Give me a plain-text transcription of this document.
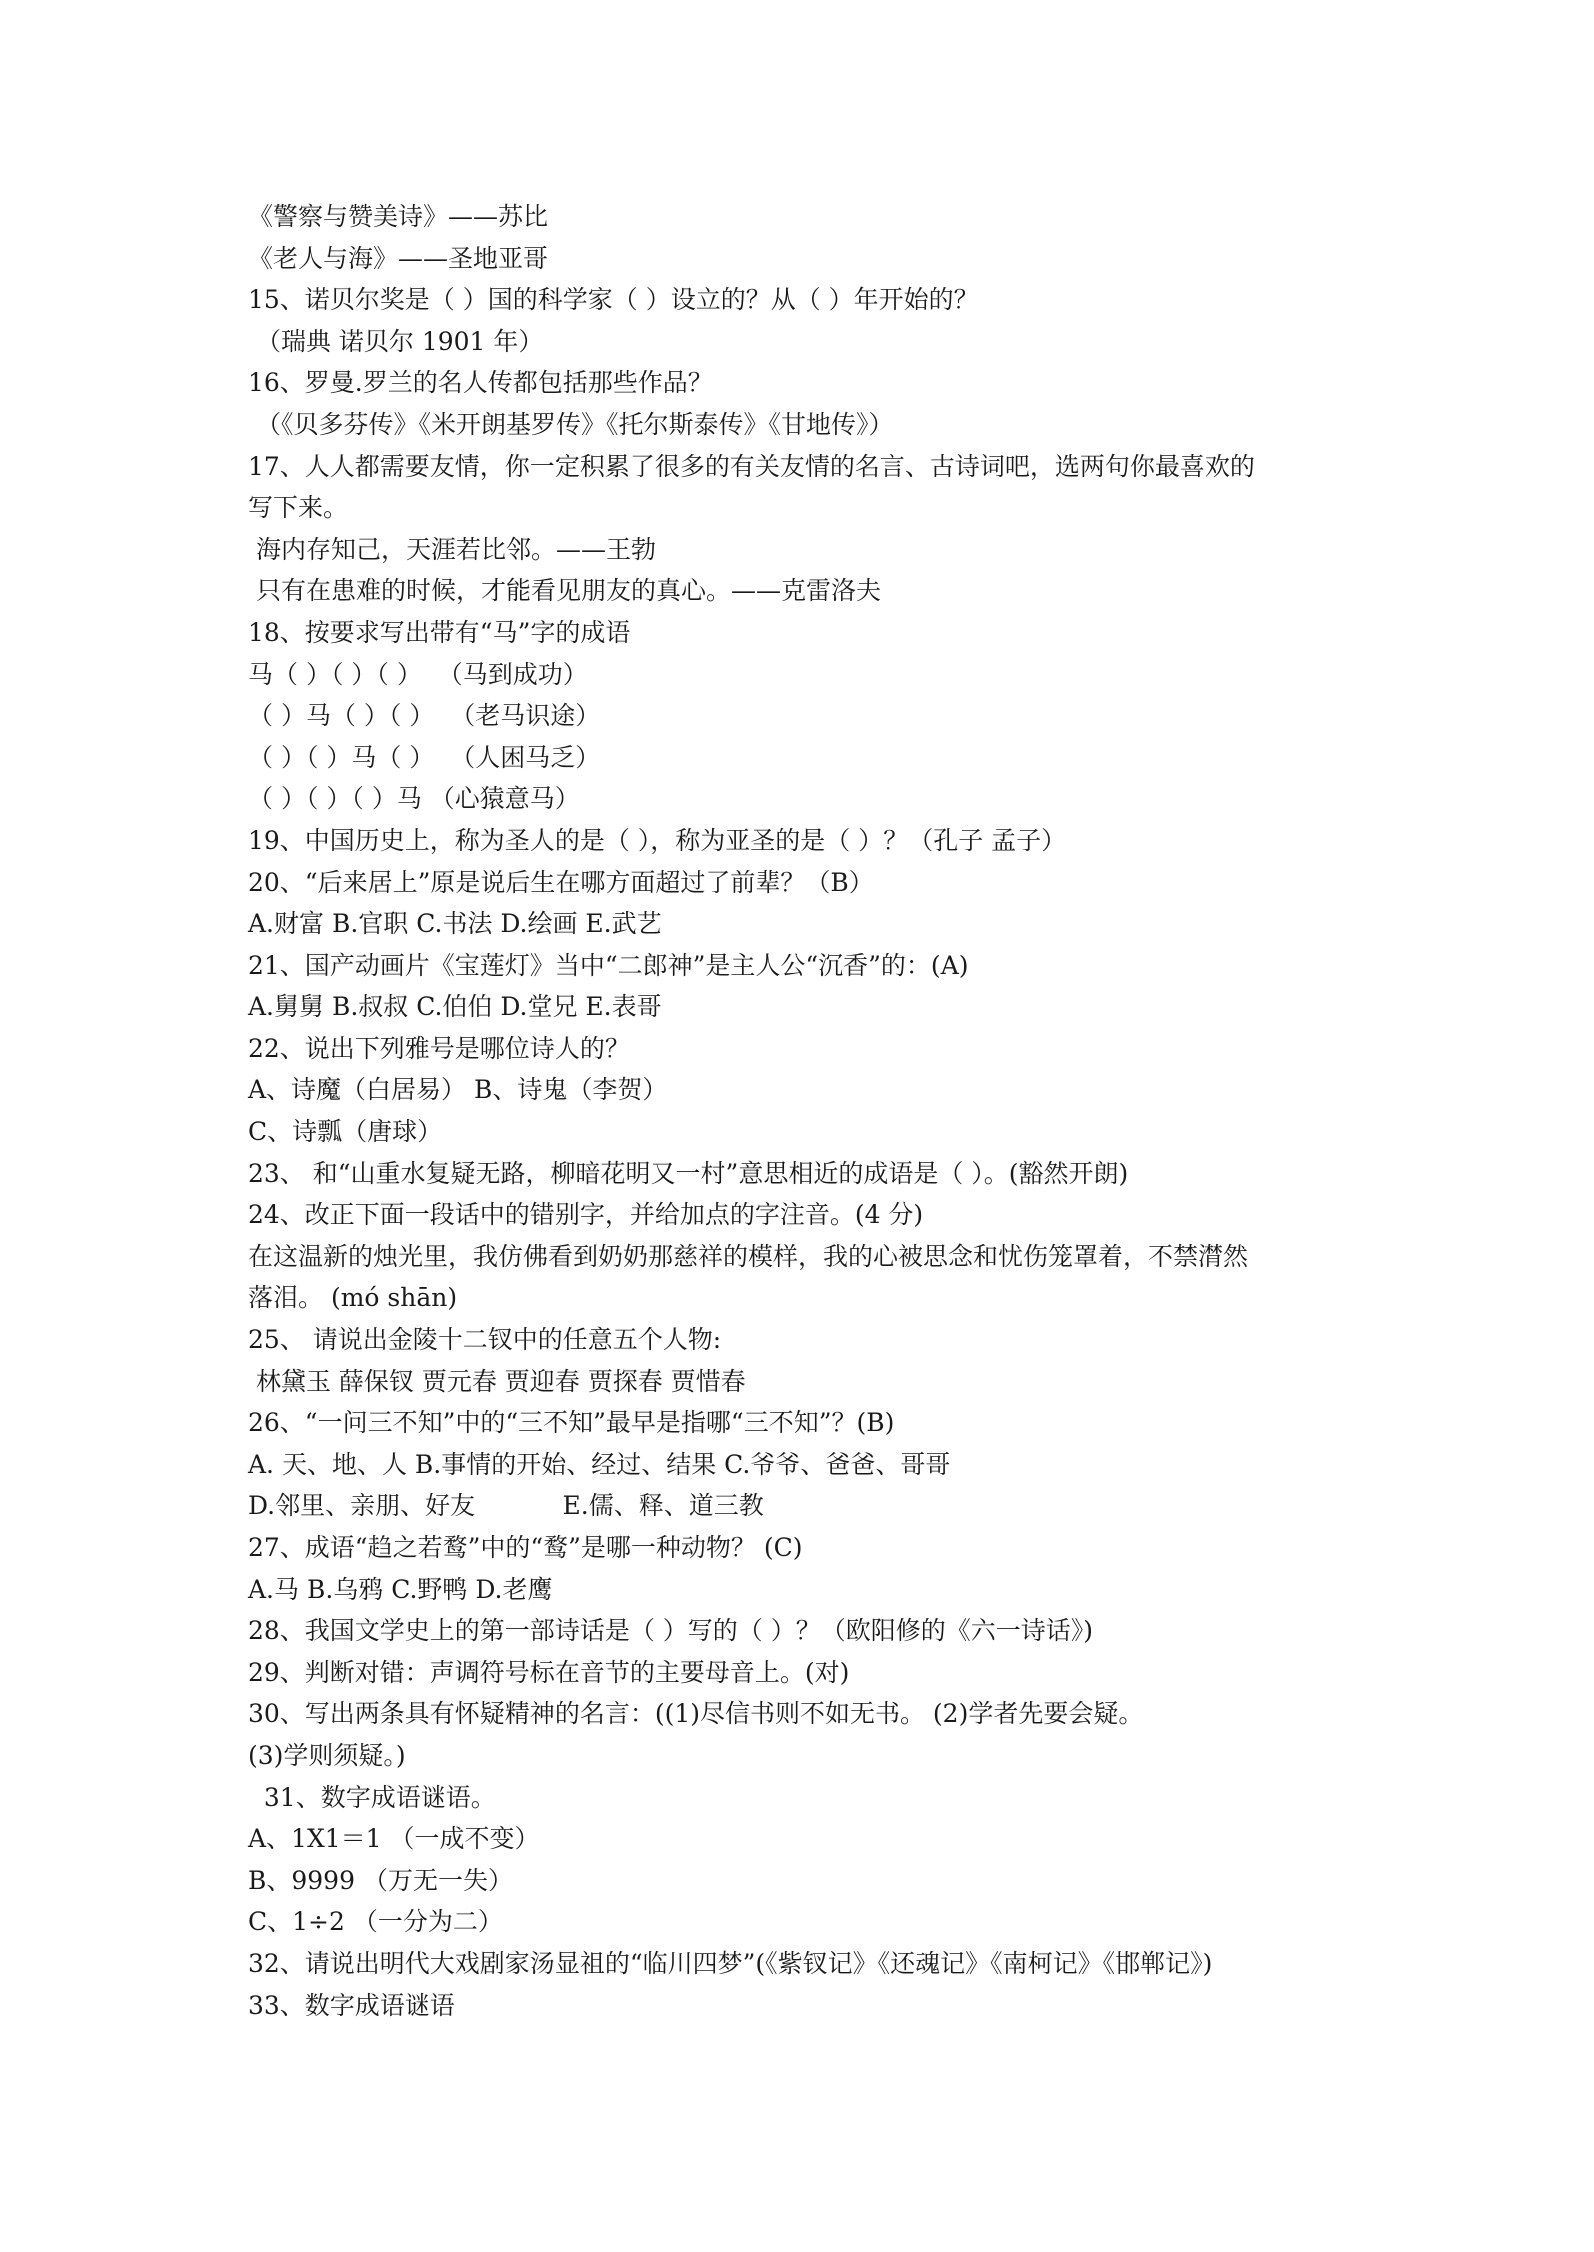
《警察与赞美诗》——苏比
《老人与海》——圣地亚哥
15、诺贝尔奖是（ ）国的科学家（ ）设立的？从（ ）年开始的？
（瑞典 诺贝尔 1901 年）
16、罗曼.罗兰的名人传都包括那些作品？
（《贝多芬传》《米开朗基罗传》《托尔斯泰传》《甘地传》）
17、人人都需要友情，你一定积累了很多的有关友情的名言、古诗词吧，选两句你最喜欢的
写下来。
海内存知己，天涯若比邻。——王勃
只有在患难的时候，才能看见朋友的真心。——克雷洛夫
18、按要求写出带有“马”字的成语
马（ ）（ ）（ ）  （马到成功）
（ ）马（ ）（ ）  （老马识途）
（ ）（ ）马（ ）  （人困马乏）
（ ）（ ）（ ）马 （心猿意马）
19、中国历史上，称为圣人的是（ ），称为亚圣的是（ ）？（孔子 孟子）
20、“后来居上”原是说后生在哪方面超过了前辈？（B）
A.财富 B.官职 C.书法 D.绘画 E.武艺
21、国产动画片《宝莲灯》当中“二郎神”是主人公“沉香”的：(A)
A.舅舅 B.叔叔 C.伯伯 D.堂兄 E.表哥
22、说出下列雅号是哪位诗人的？
A、诗魔（白居易） B、诗鬼（李贺）
C、诗瓢（唐球）
23、 和“山重水复疑无路，柳暗花明又一村”意思相近的成语是（ ）。(豁然开朗)
24、改正下面一段话中的错别字，并给加点的字注音。(4 分)
在这温新的烛光里，我仿佛看到奶奶那慈祥的模样，我的心被思念和忧伤笼罩着，不禁潸然
落泪。 (mó shān)
25、 请说出金陵十二钗中的任意五个人物:
林黛玉 薛保钗 贾元春 贾迎春 贾探春 贾惜春
26、“一问三不知”中的“三不知”最早是指哪“三不知”？(B)
A. 天、地、人 B.事情的开始、经过、结果 C.爷爷、爸爸、哥哥
D.邻里、亲朋、好友           E.儒、释、道三教
27、成语“趋之若鹜”中的“鹜”是哪一种动物？ (C)
A.马 B.乌鸦 C.野鸭 D.老鹰
28、我国文学史上的第一部诗话是（ ）写的（ ）？（欧阳修的《六一诗话》)
29、判断对错：声调符号标在音节的主要母音上。(对)
30、写出两条具有怀疑精神的名言：((1)尽信书则不如无书。 (2)学者先要会疑。
(3)学则须疑。)
31、数字成语谜语。
A、1X1＝1 （一成不变）
B、9999 （万无一失）
C、1÷2 （一分为二）
32、请说出明代大戏剧家汤显祖的“临川四梦”(《紫钗记》《还魂记》《南柯记》《邯郸记》)
33、数字成语谜语
